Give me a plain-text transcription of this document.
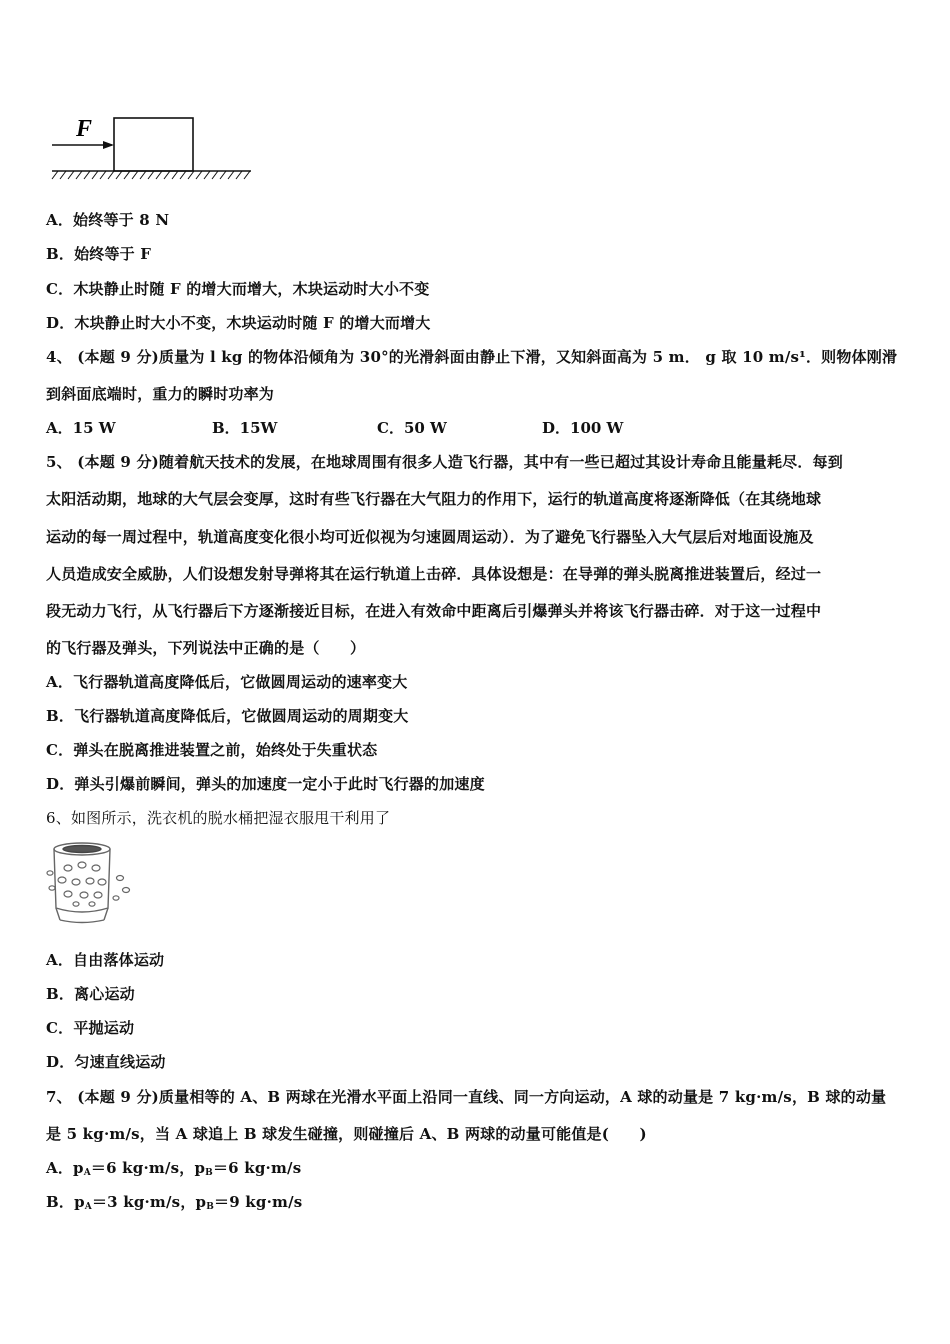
F
A．始终等于 8 N
B．始终等于 F
C．木块静止时随 F 的增大而增大，木块运动时大小不变
D．木块静止时大小不变，木块运动时随 F 的增大而增大
4、 (本题 9 分)质量为 l kg 的物体沿倾角为 30°的光滑斜面由静止下滑，又知斜面高为 5 m． g 取 10 m/s¹．则物体刚滑
到斜面底端时，重力的瞬时功率为
A．15 W	B．15W	C．50 W	D．100 W
5、 (本题 9 分)随着航天技术的发展，在地球周围有很多人造飞行器，其中有一些已超过其设计寿命且能量耗尽．每到
太阳活动期，地球的大气层会变厚，这时有些飞行器在大气阻力的作用下，运行的轨道高度将逐渐降低（在其绕地球
运动的每一周过程中，轨道高度变化很小均可近似视为匀速圆周运动）．为了避免飞行器坠入大气层后对地面设施及
人员造成安全威胁，人们设想发射导弹将其在运行轨道上击碎．具体设想是：在导弹的弹头脱离推进装置后，经过一
段无动力飞行，从飞行器后下方逐渐接近目标，在进入有效命中距离后引爆弹头并将该飞行器击碎．对于这一过程中
的飞行器及弹头，下列说法中正确的是（　　）
A．飞行器轨道高度降低后，它做圆周运动的速率变大
B．飞行器轨道高度降低后，它做圆周运动的周期变大
C．弹头在脱离推进装置之前，始终处于失重状态
D．弹头引爆前瞬间，弹头的加速度一定小于此时飞行器的加速度
6、如图所示，洗衣机的脱水桶把湿衣服甩干利用了
A．自由落体运动
B．离心运动
C．平抛运动
D．匀速直线运动
7、 (本题 9 分)质量相等的 A、B 两球在光滑水平面上沿同一直线、同一方向运动，A 球的动量是 7 kg·m/s，B 球的动量
是 5 kg·m/s，当 A 球追上 B 球发生碰撞，则碰撞后 A、B 两球的动量可能值是(　　)
A．$p_A=6$ kg·m/s，$p_B=6$ kg·m/s
B．$p_A=3$ kg·m/s，$p_B=9$ kg·m/s
